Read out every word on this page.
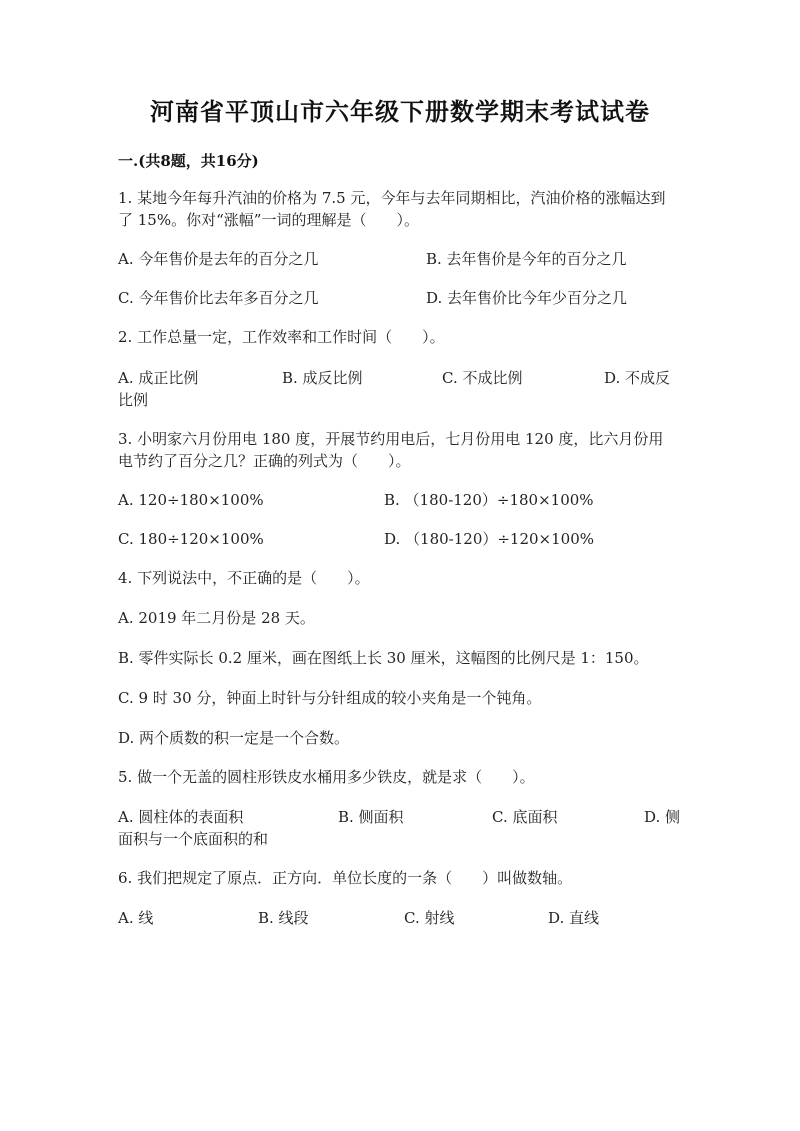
河南省平顶山市六年级下册数学期末考试试卷
一.(共8题，共16分)
1. 某地今年每升汽油的价格为 7.5 元，今年与去年同期相比，汽油价格的涨幅达到了 15%。你对“涨幅”一词的理解是（　　）。
A. 今年售价是去年的百分之几	B. 去年售价是今年的百分之几
C. 今年售价比去年多百分之几	D. 去年售价比今年少百分之几
2. 工作总量一定，工作效率和工作时间（　　）。
A. 成正比例	B. 成反比例	C. 不成比例	D. 不成反
比例
3. 小明家六月份用电 180 度，开展节约用电后，七月份用电 120 度，比六月份用电节约了百分之几？正确的列式为（　　）。
A. 120÷180×100%	B. （180-120）÷180×100%
C. 180÷120×100%	D. （180-120）÷120×100%
4. 下列说法中，不正确的是（　　）。
A. 2019 年二月份是 28 天。
B. 零件实际长 0.2 厘米，画在图纸上长 30 厘米，这幅图的比例尺是 1：150。
C. 9 时 30 分，钟面上时针与分针组成的较小夹角是一个钝角。
D. 两个质数的积一定是一个合数。
5. 做一个无盖的圆柱形铁皮水桶用多少铁皮，就是求（　　）。
A. 圆柱体的表面积	B. 侧面积	C. 底面积	D. 侧
面积与一个底面积的和
6. 我们把规定了原点．正方向．单位长度的一条（　　）叫做数轴。
A. 线	B. 线段	C. 射线	D. 直线
